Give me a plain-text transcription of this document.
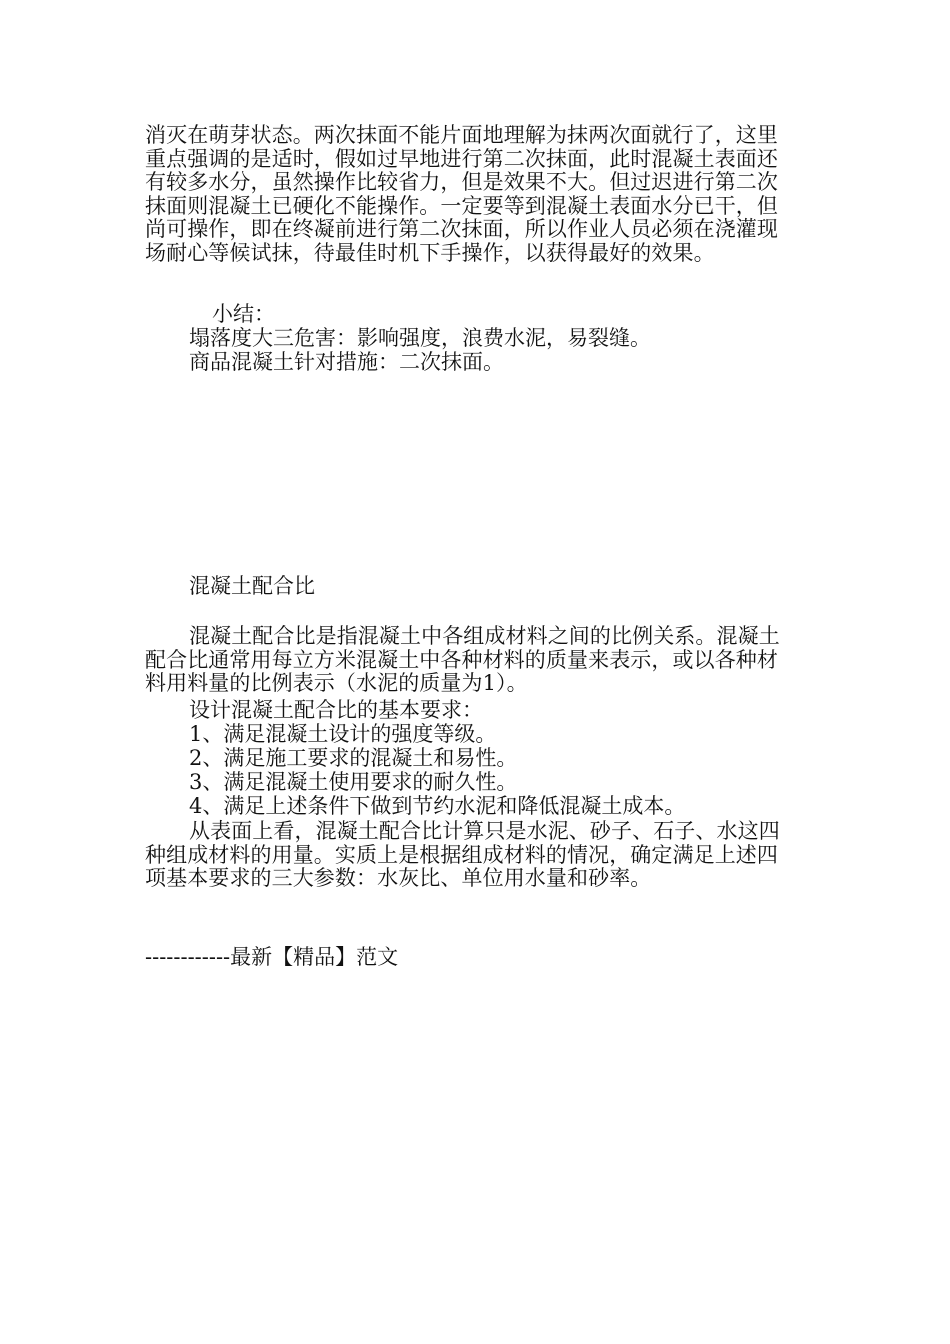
消灭在萌芽状态。两次抹面不能片面地理解为抹两次面就行了，这里重点强调的是适时，假如过早地进行第二次抹面，此时混凝土表面还有较多水分，虽然操作比较省力，但是效果不大。但过迟进行第二次抹面则混凝土已硬化不能操作。一定要等到混凝土表面水分已干，但尚可操作，即在终凝前进行第二次抹面，所以作业人员必须在浇灌现场耐心等候试抹，待最佳时机下手操作，以获得最好的效果。

小结：

塌落度大三危害：影响强度，浪费水泥，易裂缝。

商品混凝土针对措施：二次抹面。

混凝土配合比

混凝土配合比是指混凝土中各组成材料之间的比例关系。混凝土配合比通常用每立方米混凝土中各种材料的质量来表示，或以各种材料用料量的比例表示（水泥的质量为1）。

设计混凝土配合比的基本要求：

1、满足混凝土设计的强度等级。

2、满足施工要求的混凝土和易性。

3、满足混凝土使用要求的耐久性。

4、满足上述条件下做到节约水泥和降低混凝土成本。

从表面上看，混凝土配合比计算只是水泥、砂子、石子、水这四种组成材料的用量。实质上是根据组成材料的情况，确定满足上述四项基本要求的三大参数：水灰比、单位用水量和砂率。

------------最新【精品】范文
